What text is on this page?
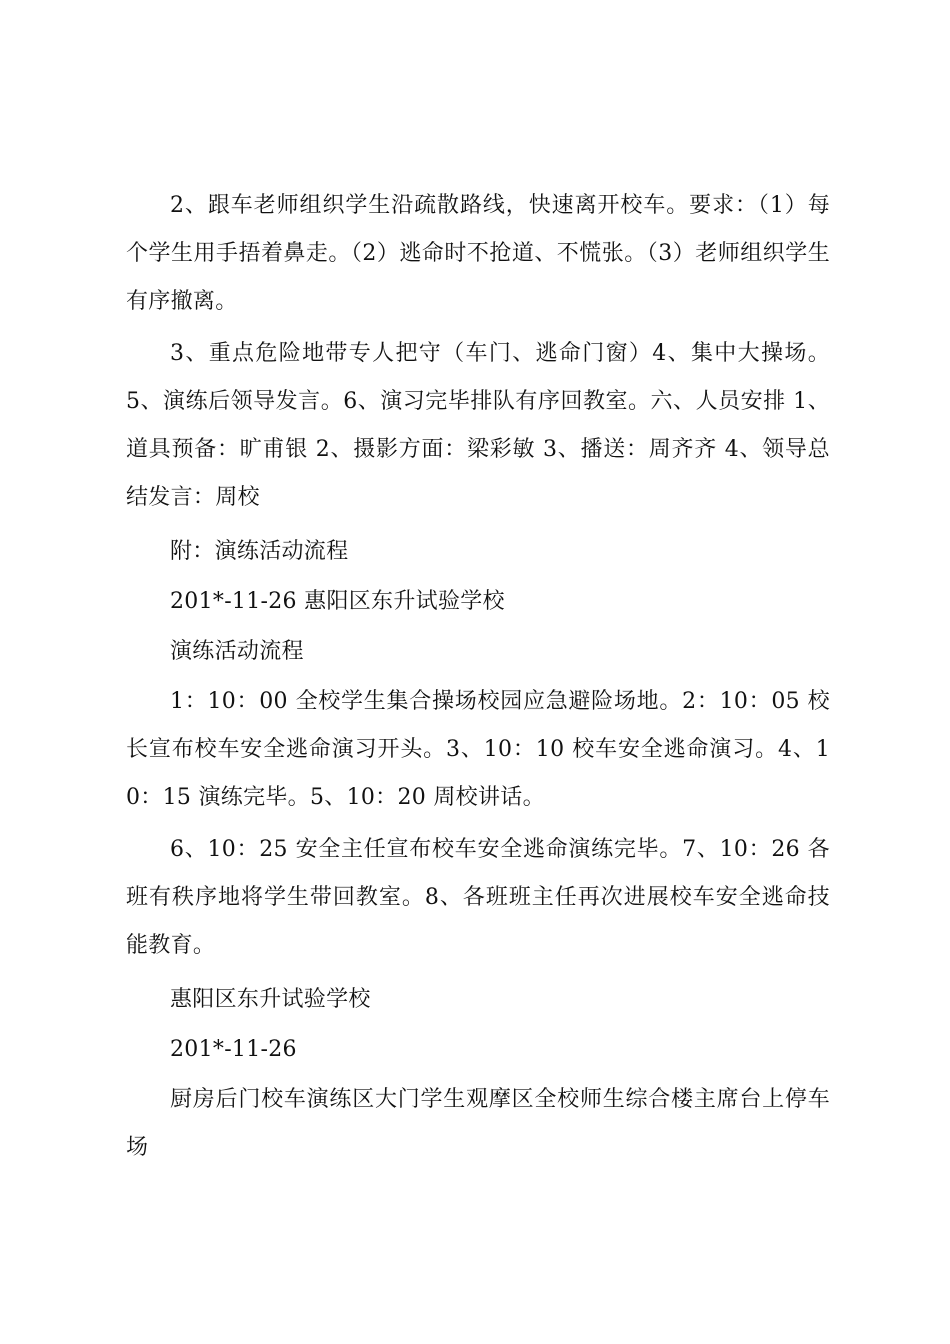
2、跟车老师组织学生沿疏散路线，快速离开校车。要求：（1）每个学生用手捂着鼻走。（2）逃命时不抢道、不慌张。（3）老师组织学生有序撤离。

3、重点危险地带专人把守（车门、逃命门窗）4、集中大操场。5、演练后领导发言。6、演习完毕排队有序回教室。六、人员安排 1、道具预备：旷甫银 2、摄影方面：梁彩敏 3、播送：周齐齐 4、领导总结发言：周校

附：演练活动流程

201*-11-26 惠阳区东升试验学校

演练活动流程

1：10：00 全校学生集合操场校园应急避险场地。2：10：05 校长宣布校车安全逃命演习开头。3、10：10 校车安全逃命演习。4、10：15 演练完毕。5、10：20 周校讲话。

6、10：25 安全主任宣布校车安全逃命演练完毕。7、10：26 各班有秩序地将学生带回教室。8、各班班主任再次进展校车安全逃命技能教育。

惠阳区东升试验学校

201*-11-26

厨房后门校车演练区大门学生观摩区全校师生综合楼主席台上停车场
